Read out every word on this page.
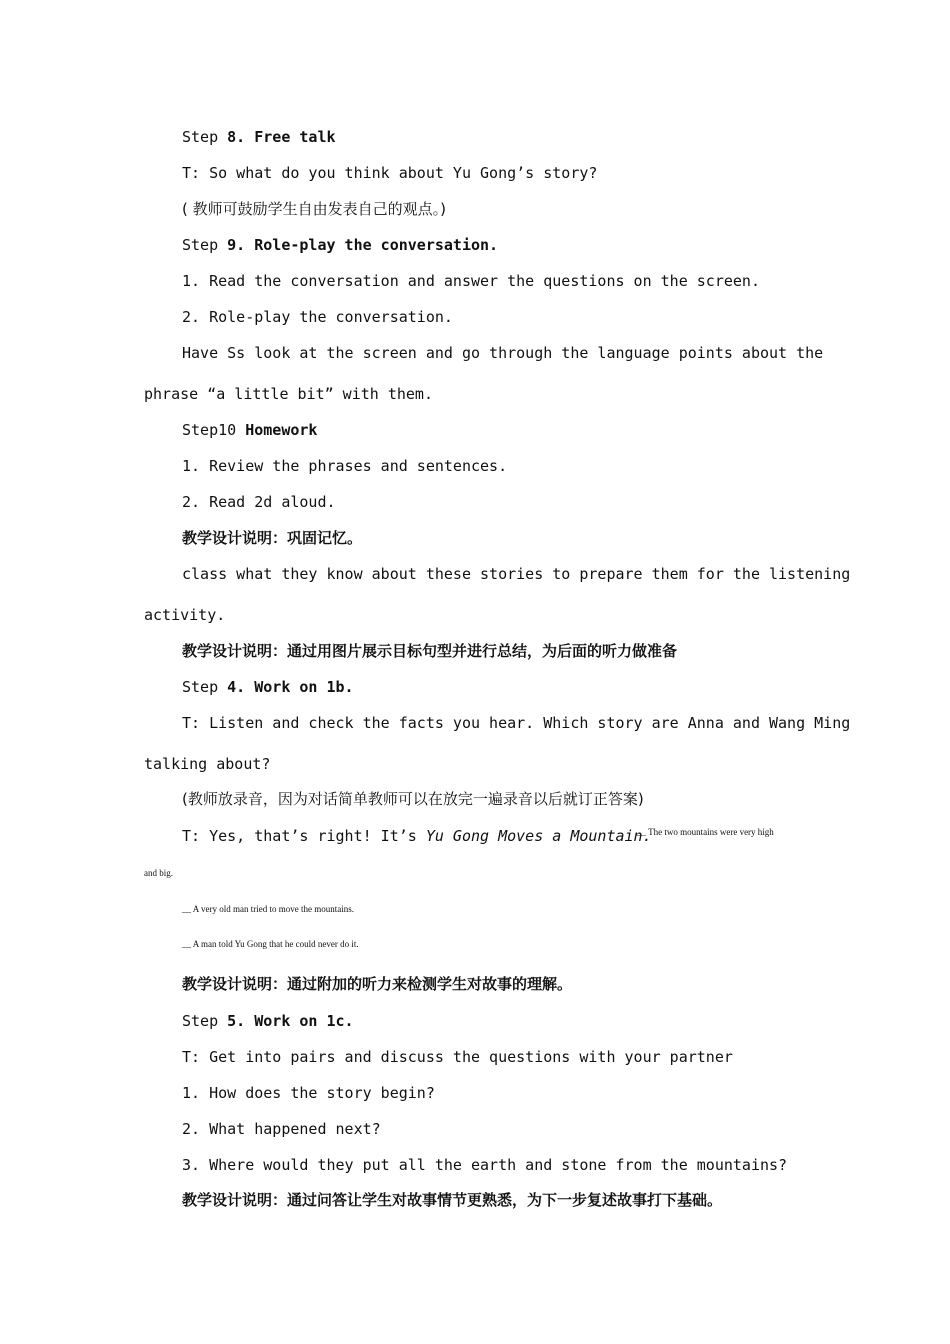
Step 8. Free talk
T: So what do you think about Yu Gong’s story?
( 教师可鼓励学生自由发表自己的观点。)
Step 9. Role-play the conversation.
1. Read the conversation and answer the questions on the screen.
2. Role-play the conversation.
Have Ss look at the screen and go through the language points about the
phrase “a little bit” with them.
Step10 Homework
1. Review the phrases and sentences.
2. Read 2d aloud.
教学设计说明：巩固记忆。
class what they know about these stories to prepare them for the listening
activity.
教学设计说明：通过用图片展示目标句型并进行总结，为后面的听力做准备
Step 4. Work on 1b.
T: Listen and check the facts you hear. Which story are Anna and Wang Ming
talking about?
(教师放录音，因为对话简单教师可以在放完一遍录音以后就订正答案)
T: Yes, that’s right! It’s Yu Gong Moves a Mountain.
__ The two mountains were very high
and big.
__ A very old man tried to move the mountains.
__ A man told Yu Gong that he could never do it.
教学设计说明：通过附加的听力来检测学生对故事的理解。
Step 5. Work on 1c.
T: Get into pairs and discuss the questions with your partner
1. How does the story begin?
2. What happened next?
3. Where would they put all the earth and stone from the mountains?
教学设计说明：通过问答让学生对故事情节更熟悉，为下一步复述故事打下基础。
